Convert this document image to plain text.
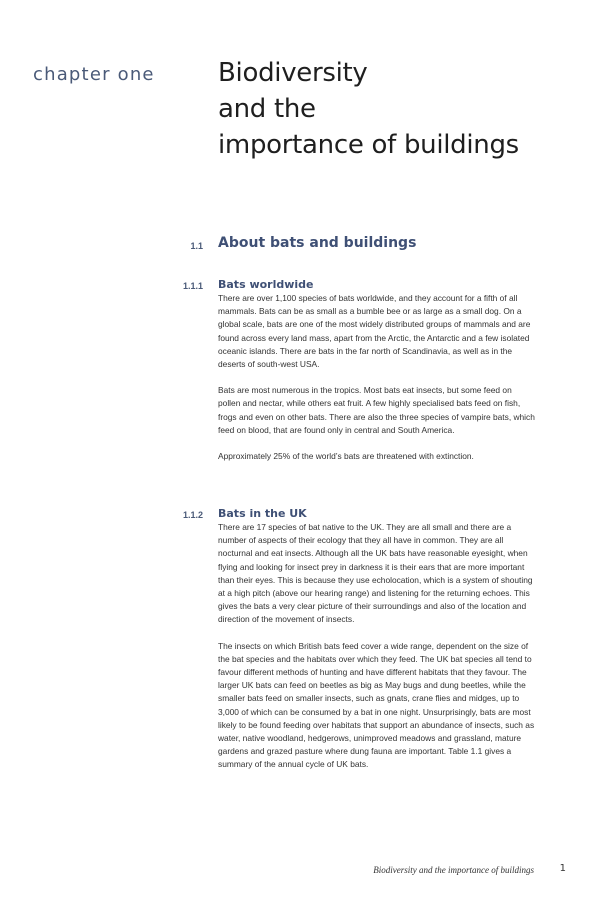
chapter one Biodiversity
and the
importance of buildings
1.1 About bats and buildings
1.1.1 Bats worldwide

There are over 1,100 species of bats worldwide, and they account for a fifth of all mammals. Bats can be as small as a bumble bee or as large as a small dog. On a global scale, bats are one of the most widely distributed groups of mammals and are found across every land mass, apart from the Arctic, the Antarctic and a few isolated oceanic islands. There are bats in the far north of Scandinavia, as well as in the deserts of south-west USA.

Bats are most numerous in the tropics. Most bats eat insects, but some feed on pollen and nectar, while others eat fruit. A few highly specialised bats feed on fish, frogs and even on other bats. There are also the three species of vampire bats, which feed on blood, that are found only in central and South America.

Approximately 25% of the world’s bats are threatened with extinction.

1.1.2 Bats in the UK

There are 17 species of bat native to the UK. They are all small and there are a number of aspects of their ecology that they all have in common. They are all nocturnal and eat insects. Although all the UK bats have reasonable eyesight, when flying and looking for insect prey in darkness it is their ears that are more important than their eyes. This is because they use echolocation, which is a system of shouting at a high pitch (above our hearing range) and listening for the returning echoes. This gives the bats a very clear picture of their surroundings and also of the location and direction of the movement of insects.

The insects on which British bats feed cover a wide range, dependent on the size of the bat species and the habitats over which they feed. The UK bat species all tend to favour different methods of hunting and have different habitats that they favour. The larger UK bats can feed on beetles as big as May bugs and dung beetles, while the smaller bats feed on smaller insects, such as gnats, crane flies and midges, up to 3,000 of which can be consumed by a bat in one night. Unsurprisingly, bats are most likely to be found feeding over habitats that support an abundance of insects, such as water, native woodland, hedgerows, unimproved meadows and grassland, mature gardens and grazed pasture where dung fauna are important. Table 1.1 gives a summary of the annual cycle of UK bats.

Biodiversity and the importance of buildings	1
